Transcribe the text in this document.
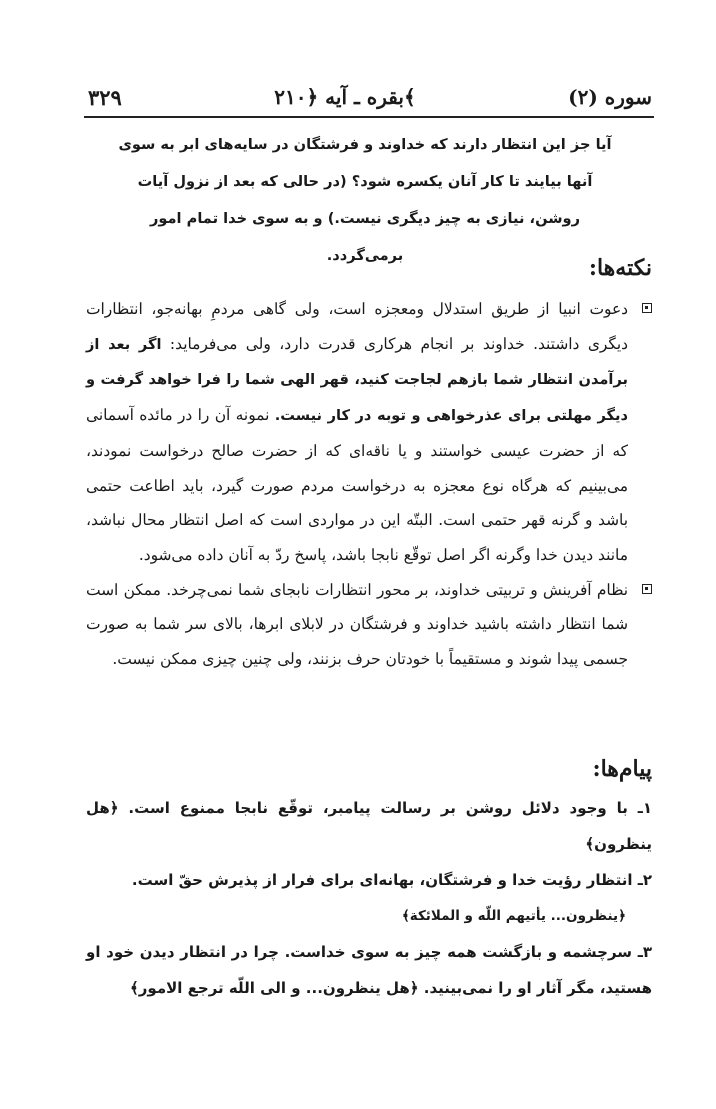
۳۲۹	بقره ـ آیه ﴿۲۱۰﴾	سوره (۲)

آیا جز این انتظار دارند كه خداوند و فرشتگان در سایه‌های ابر به سوی آنها بیایند تا كار آنان یكسره شود؟ (در حالی كه بعد از نزول آیات روشن، نیازی به چیز دیگری نیست.) و به سوی خدا تمام امور برمی‌گردد.	نکته‌ها:
دعوت انبیا از طریق استدلال ومعجزه است، ولی گاهی مردمِ بهانه‌جو، انتظارات دیگری داشتند. خداوند بر انجام هركاری قدرت دارد، ولی می‌فرماید: اگر بعد از برآمدن انتظار شما بازهم لجاجت كنید، قهر الهی شما را فرا خواهد گرفت و دیگر مهلتی برای عذرخواهی و توبه در كار نیست. نمونه آن را در مائده آسمانی كه از حضرت عیسی خواستند و یا ناقه‌ای كه از حضرت صالح درخواست نمودند، می‌بینیم كه هرگاه نوع معجزه به درخواست مردم صورت گیرد، باید اطاعت حتمی باشد و گرنه قهر حتمی است. البتّه این در مواردی است كه اصل انتظار محال نباشد، مانند دیدن خدا وگرنه اگر اصل توقّع نابجا باشد، پاسخ ردّ به آنان داده می‌شود.
نظام آفرینش و تربیتی خداوند، بر محور انتظارات نابجای شما نمی‌چرخد. ممكن است شما انتظار داشته باشید خداوند و فرشتگان در لابلای ابرها، بالای سر شما به صورت جسمی پیدا شوند و مستقیماً با خودتان حرف بزنند، ولی چنین چیزی ممكن نیست.
پیام‌ها:
۱ـ با وجود دلائل روشن بر رسالت پیامبر، توقّع نابجا ممنوع است. ﴿هل ینظرون﴾
۲ـ انتظار رؤیت خدا و فرشتگان، بهانه‌ای برای فرار از پذیرش حقّ است.
﴿ینظرون... یأتیهم اللّه و الملائكة﴾
۳ـ سرچشمه و بازگشت همه چیز به سوی خداست. چرا در انتظار دیدن خود او هستید، مگر آثار او را نمی‌بینید. ﴿هل ینظرون... و الی اللّه ترجع الامور﴾
